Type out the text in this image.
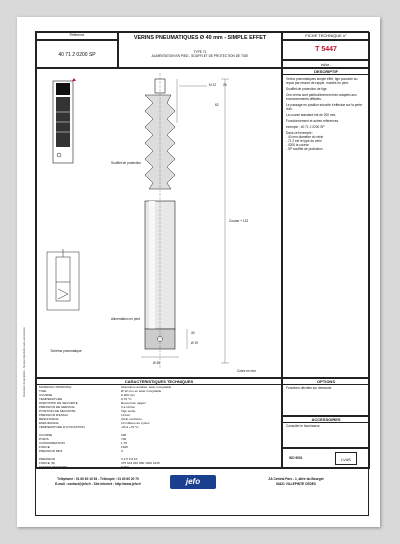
Document de propriété - Ne pas reproduire sans autorisation
Référence
40 71 2 0200 SP
VERINS PNEUMATIQUES Ø 40 mm - SIMPLE EFFET
TYPE 71
ALIMENTATION EN PIED - SOUFFLET DE PROTECTION DE TIGE
FICHE TECHNIQUE n°
T 5447
Indice -
DESCRIPTIF

Vérins pneumatiques simple effet, tige poussée au repos par ressort de rappel, montés en pied.

Soufflet de protection de tige.

Ces vérins sont particulièrement bien adaptés aux environnements difficiles.

Le passage en position sécurité s'effectue sur la perte d'air.

La course standard est de 200 mm.

Fonctionnement et autres références.

exemple : 40 71 2 0200 SP

Dans cet exemple :

- 40 mm diamètre du vérin

- 71 2 est le type du vérin

- 0200 la course

- SP soufflet de protection

Schéma pneumatique
Soufflet de protection
Alimentation en pied
M 12 25
62
Course + 132
Ø 19
Ø 45
40
Cotes en mm
CARACTERISTIQUES TECHNIQUES
MATERIAU PRINCIPAL	Aluminium anodisé, acier inoxydable
TIGE	Ø 12 mm en acier inoxydable
COURSE	0-200 mm
TEMPERATURE	0-70 °C
DISPOSITIF DE SECURITE	Ressort de rappel
PRESSION DE SERVICE	3 à 10 bar
POSITION DE SECURITE	Tige sortie
PRESSION D'ESSAI	10 bar
RESISTANCE	Vérin conforme
ENDURANCE	10 millions de cycles
TEMPERATURE D'UTILISATION	-20 à +70 °C
COURSE	200
POIDS	700
CONSOMMATION	1.75
FORCE	1625
PRESSION MINI	3
PRESSION	3 4 5 6 8 10
FORCE (N)	475 643 810 980 1300 1625
EFFORT RESSORT	8 600
OPTIONS
Fonctions décrites sur demande
ACCESSOIRES
Consulter le fournisseur
ISO 9001	LVdS
Téléphone : 01 60 60 10 53 - Télécopie : 01 60 60 20 70
E-mail : contact@jefo.fr - Site internet : http://www.jefo.fr	jefo	ZA Central Parc - 1, allée du Bourget
93421 VILLEPINTE CEDEX
